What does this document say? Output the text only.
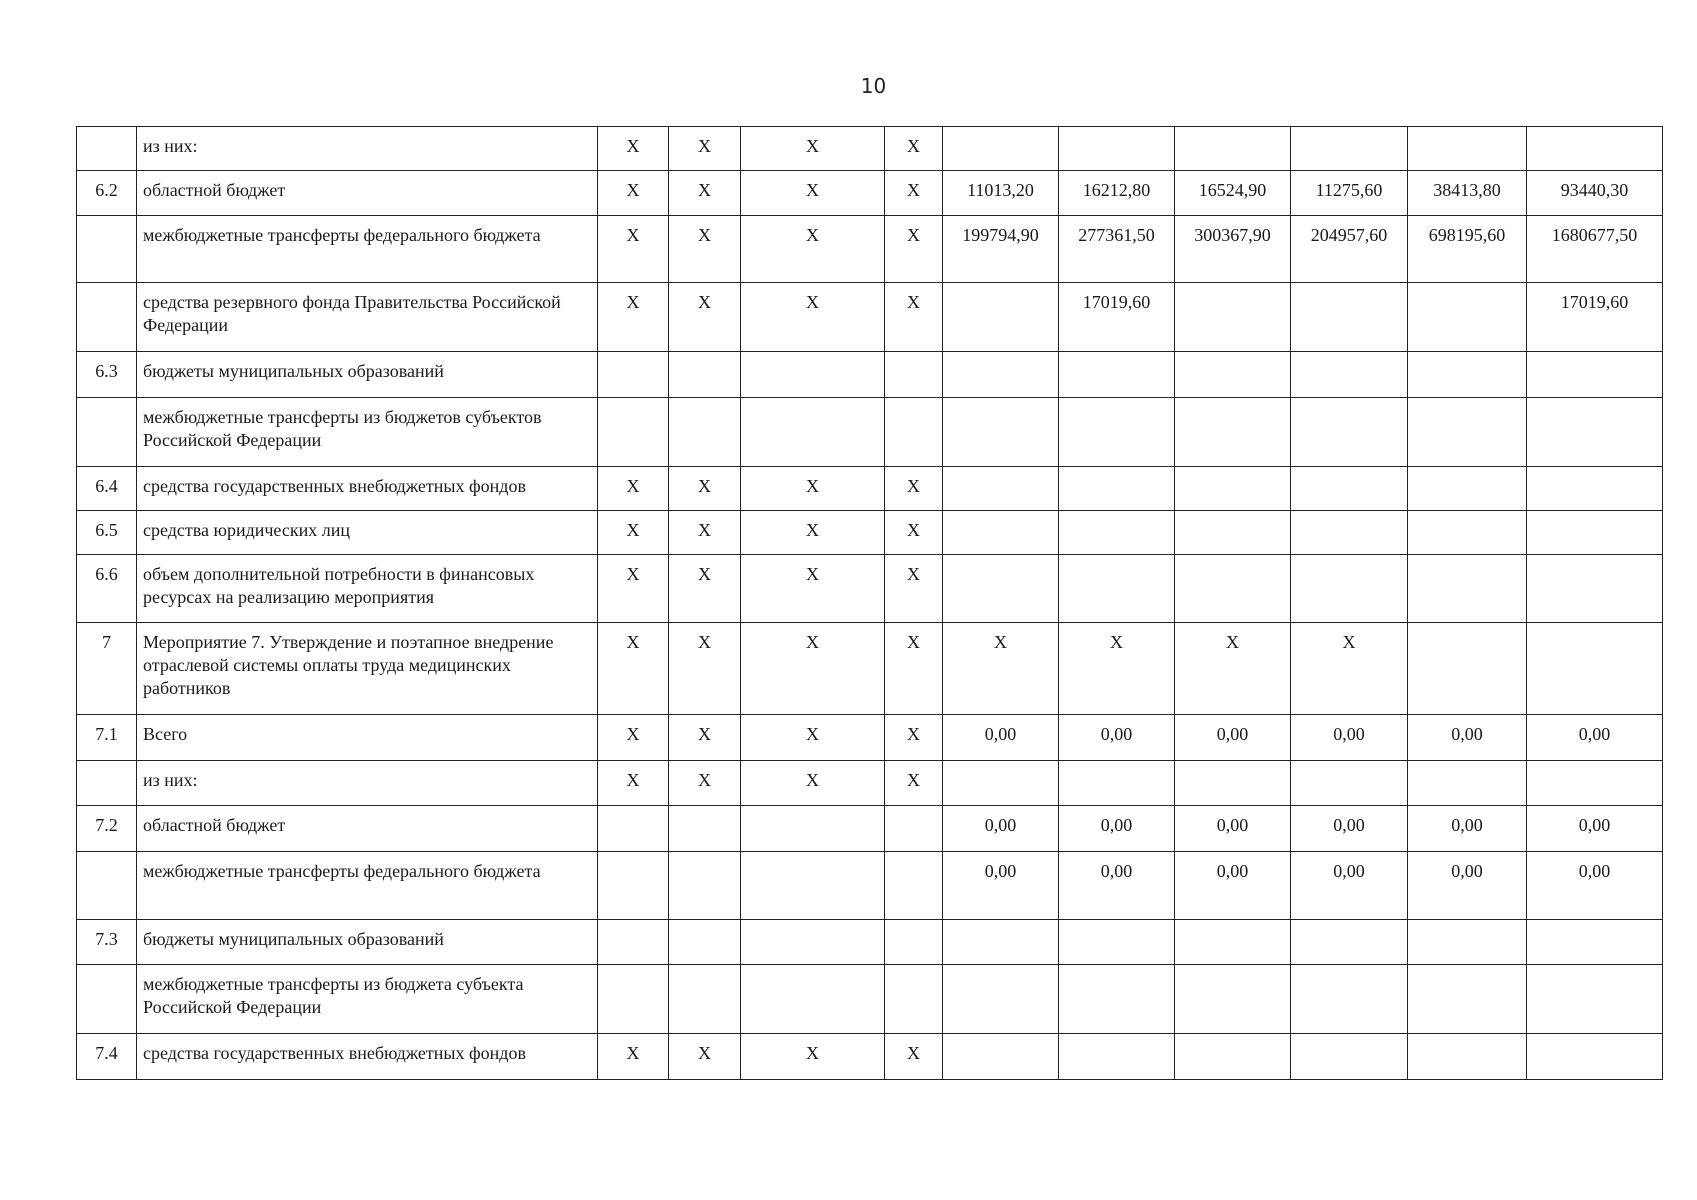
10
	из них:	X	X	X	X						
6.2	областной бюджет	X	X	X	X	11013,20	16212,80	16524,90	11275,60	38413,80	93440,30
	межбюджетные трансферты федерального бюджета	X	X	X	X	199794,90	277361,50	300367,90	204957,60	698195,60	1680677,50
	средства резервного фонда Правительства Российской Федерации	X	X	X	X		17019,60				17019,60
6.3	бюджеты муниципальных образований										
	межбюджетные трансферты из бюджетов субъектов Российской Федерации										
6.4	средства государственных внебюджетных фондов	X	X	X	X						
6.5	средства юридических лиц	X	X	X	X						
6.6	объем дополнительной потребности в финансовых ресурсах на реализацию мероприятия	X	X	X	X						
7	Мероприятие 7. Утверждение и поэтапное внедрение отраслевой системы оплаты труда медицинских работников	X	X	X	X	X	X	X	X		
7.1	Всего	X	X	X	X	0,00	0,00	0,00	0,00	0,00	0,00
	из них:	X	X	X	X						
7.2	областной бюджет					0,00	0,00	0,00	0,00	0,00	0,00
	межбюджетные трансферты федерального бюджета					0,00	0,00	0,00	0,00	0,00	0,00
7.3	бюджеты муниципальных образований										
	межбюджетные трансферты из бюджета субъекта Российской Федерации										
7.4	средства государственных внебюджетных фондов	X	X	X	X						
